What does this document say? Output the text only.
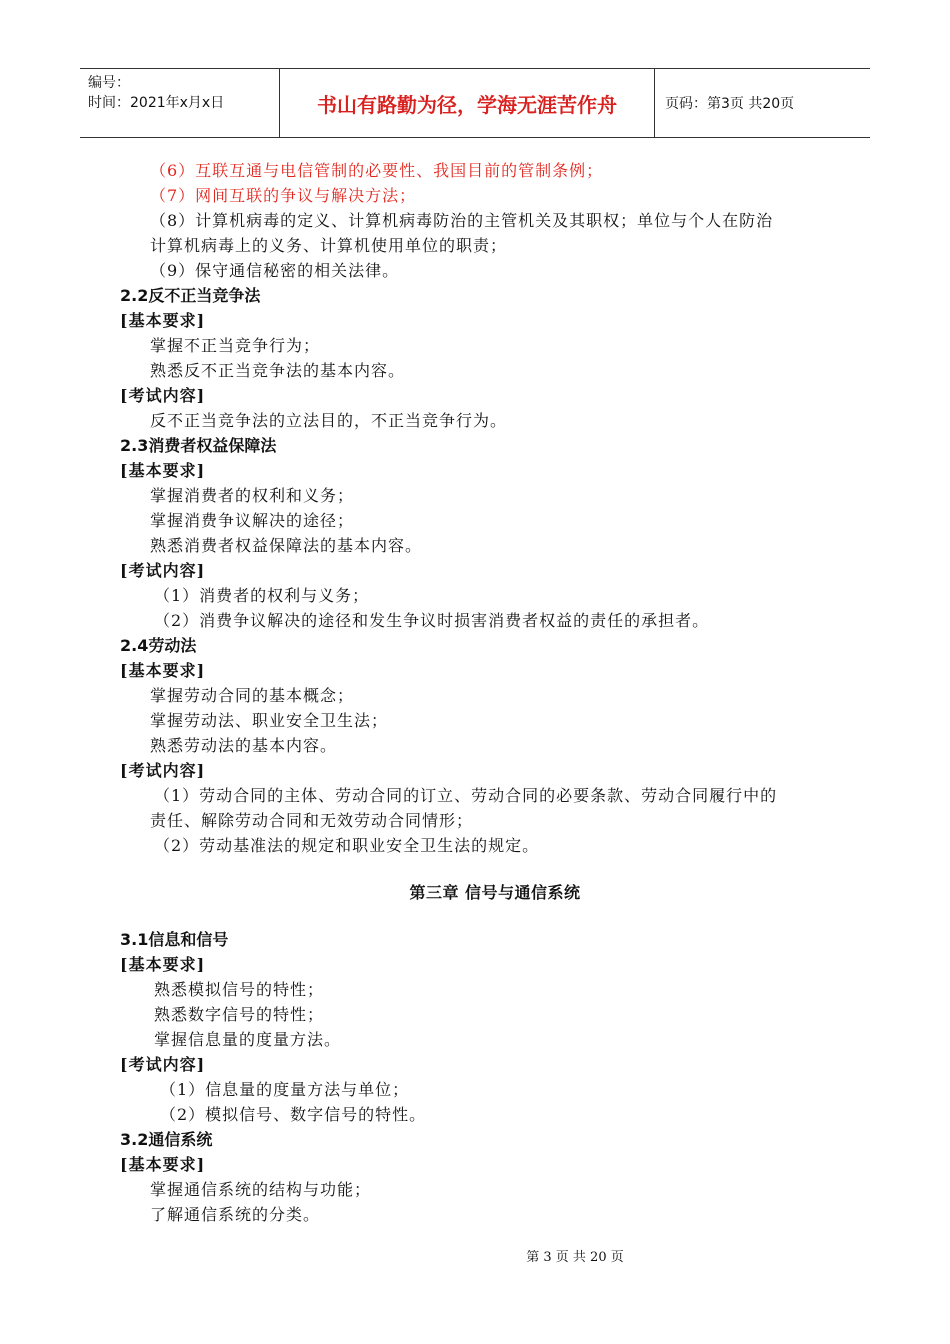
编号：
时间：2021年x月x日	书山有路勤为径，学海无涯苦作舟	页码：第3页 共20页
（6）互联互通与电信管制的必要性、我国目前的管制条例；
（7）网间互联的争议与解决方法；
（8）计算机病毒的定义、计算机病毒防治的主管机关及其职权；单位与个人在防治
计算机病毒上的义务、计算机使用单位的职责；
（9）保守通信秘密的相关法律。
2.2反不正当竞争法
[基本要求]
掌握不正当竞争行为；
熟悉反不正当竞争法的基本内容。
[考试内容]
反不正当竞争法的立法目的，不正当竞争行为。
2.3消费者权益保障法
[基本要求]
掌握消费者的权利和义务；
掌握消费争议解决的途径；
熟悉消费者权益保障法的基本内容。
[考试内容]
（1）消费者的权利与义务；
（2）消费争议解决的途径和发生争议时损害消费者权益的责任的承担者。
2.4劳动法
[基本要求]
掌握劳动合同的基本概念；
掌握劳动法、职业安全卫生法；
熟悉劳动法的基本内容。
[考试内容]
（1）劳动合同的主体、劳动合同的订立、劳动合同的必要条款、劳动合同履行中的
责任、解除劳动合同和无效劳动合同情形；
（2）劳动基准法的规定和职业安全卫生法的规定。
第三章 信号与通信系统
3.1信息和信号
[基本要求]
熟悉模拟信号的特性；
熟悉数字信号的特性；
掌握信息量的度量方法。
[考试内容]
（1）信息量的度量方法与单位；
（2）模拟信号、数字信号的特性。
3.2通信系统
[基本要求]
掌握通信系统的结构与功能；
了解通信系统的分类。
第 3 页 共 20 页
